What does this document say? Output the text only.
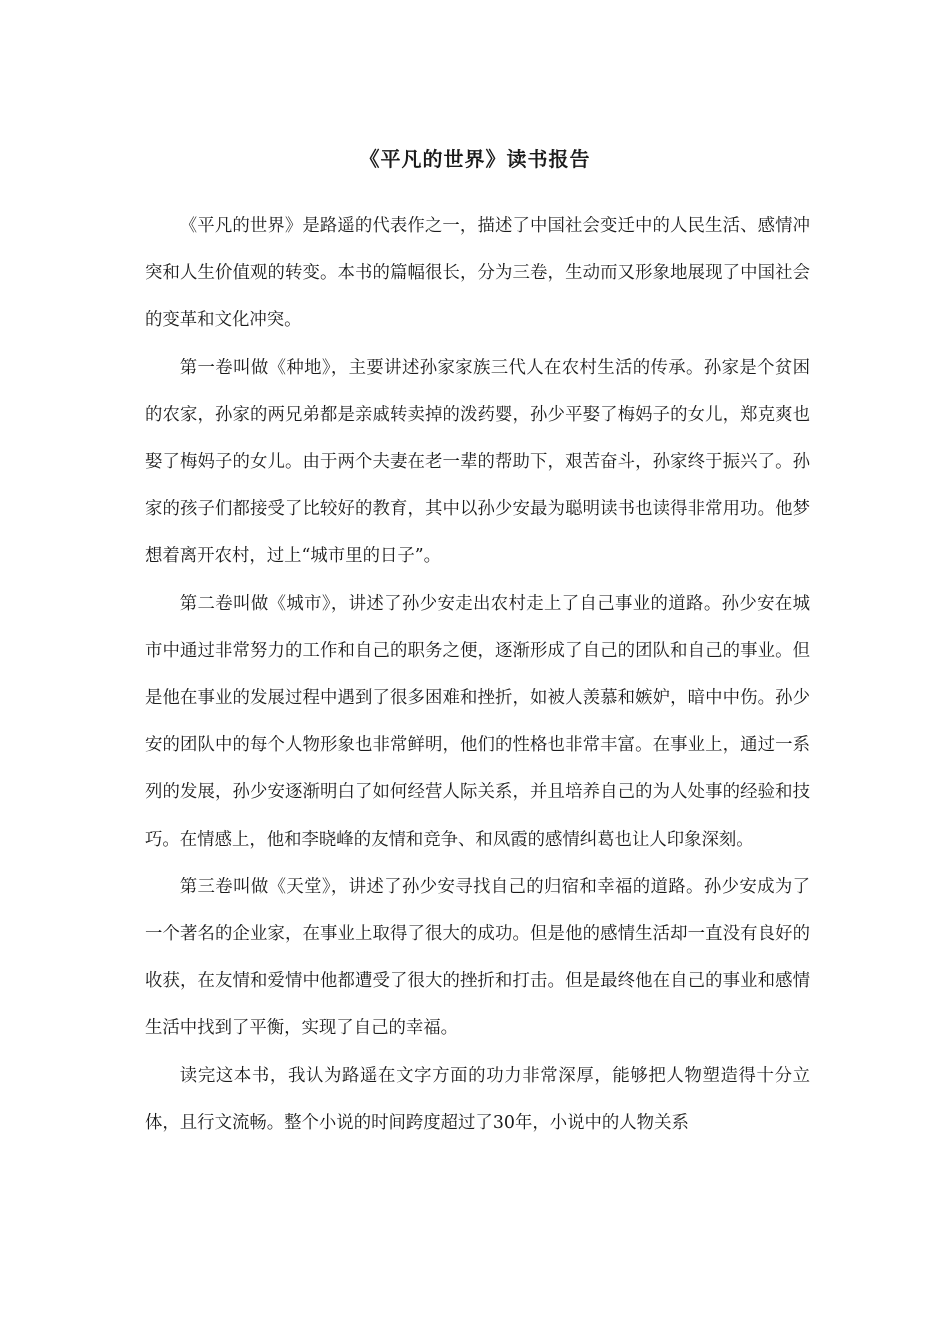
《平凡的世界》读书报告

《平凡的世界》是路遥的代表作之一，描述了中国社会变迁中的人民生活、感情冲突和人生价值观的转变。本书的篇幅很长，分为三卷，生动而又形象地展现了中国社会的变革和文化冲突。

第一卷叫做《种地》，主要讲述孙家家族三代人在农村生活的传承。孙家是个贫困的农家，孙家的两兄弟都是亲戚转卖掉的泼药婴，孙少平娶了梅妈子的女儿，郑克爽也娶了梅妈子的女儿。由于两个夫妻在老一辈的帮助下，艰苦奋斗，孙家终于振兴了。孙家的孩子们都接受了比较好的教育，其中以孙少安最为聪明读书也读得非常用功。他梦想着离开农村，过上“城市里的日子”。

第二卷叫做《城市》，讲述了孙少安走出农村走上了自己事业的道路。孙少安在城市中通过非常努力的工作和自己的职务之便，逐渐形成了自己的团队和自己的事业。但是他在事业的发展过程中遇到了很多困难和挫折，如被人羡慕和嫉妒，暗中中伤。孙少安的团队中的每个人物形象也非常鲜明，他们的性格也非常丰富。在事业上，通过一系列的发展，孙少安逐渐明白了如何经营人际关系，并且培养自己的为人处事的经验和技巧。在情感上，他和李晓峰的友情和竞争、和凤霞的感情纠葛也让人印象深刻。

第三卷叫做《天堂》，讲述了孙少安寻找自己的归宿和幸福的道路。孙少安成为了一个著名的企业家，在事业上取得了很大的成功。但是他的感情生活却一直没有良好的收获，在友情和爱情中他都遭受了很大的挫折和打击。但是最终他在自己的事业和感情生活中找到了平衡，实现了自己的幸福。

读完这本书，我认为路遥在文字方面的功力非常深厚，能够把人物塑造得十分立体，且行文流畅。整个小说的时间跨度超过了30年，小说中的人物关系
